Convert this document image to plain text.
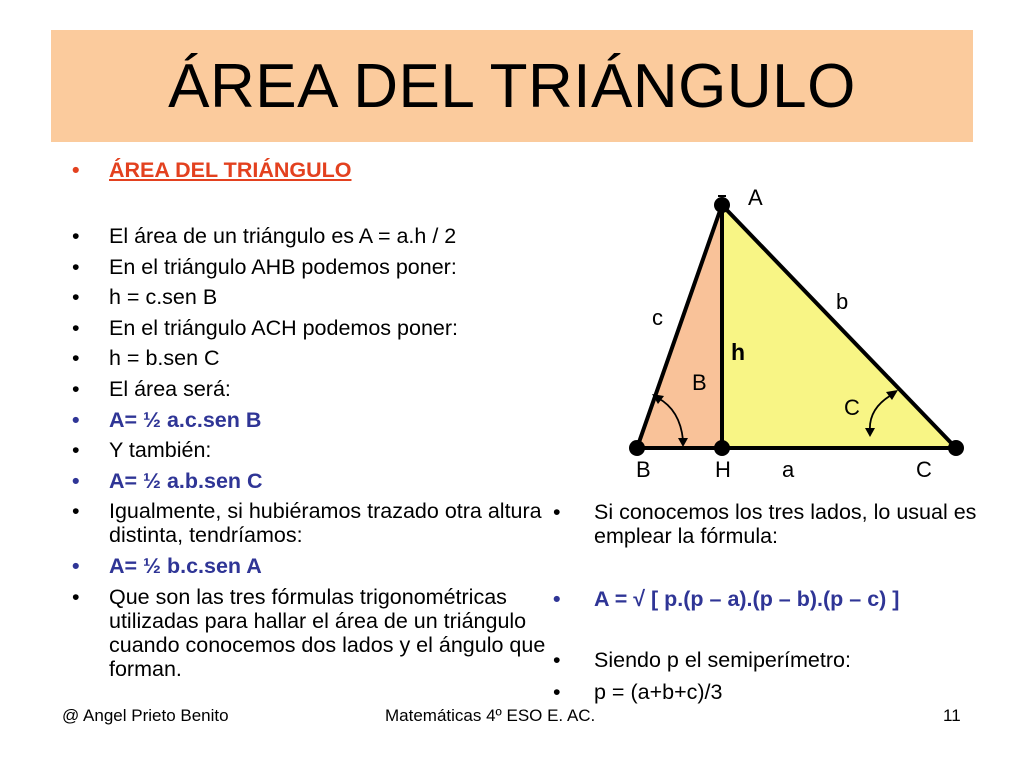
ÁREA DEL TRIÁNGULO
•	ÁREA DEL TRIÁNGULO
•	El área de un triángulo es A = a.h / 2
•	En el triángulo AHB podemos poner:
•	h = c.sen B
•	En el triángulo ACH podemos poner:
•	h = b.sen C
•	El área será:
•	A= ½ a.c.sen B
•	Y también:
•	A= ½ a.b.sen C
•	Igualmente, si hubiéramos trazado otra altura distinta, tendríamos:
•	A= ½ b.c.sen A
•	Que son las tres fórmulas trigonométricas utilizadas para hallar el área de un triángulo cuando conocemos dos lados y el ángulo que forman.
A
b
c
h
B
C
B	H a	C
•	Si conocemos los tres lados, lo usual es emplear la fórmula:
•	A = √ [ p.(p – a).(p – b).(p – c) ]
•	Siendo p el semiperímetro:
•	p = (a+b+c)/3
@ Angel Prieto Benito	Matemáticas 4º ESO E. AC.	11
